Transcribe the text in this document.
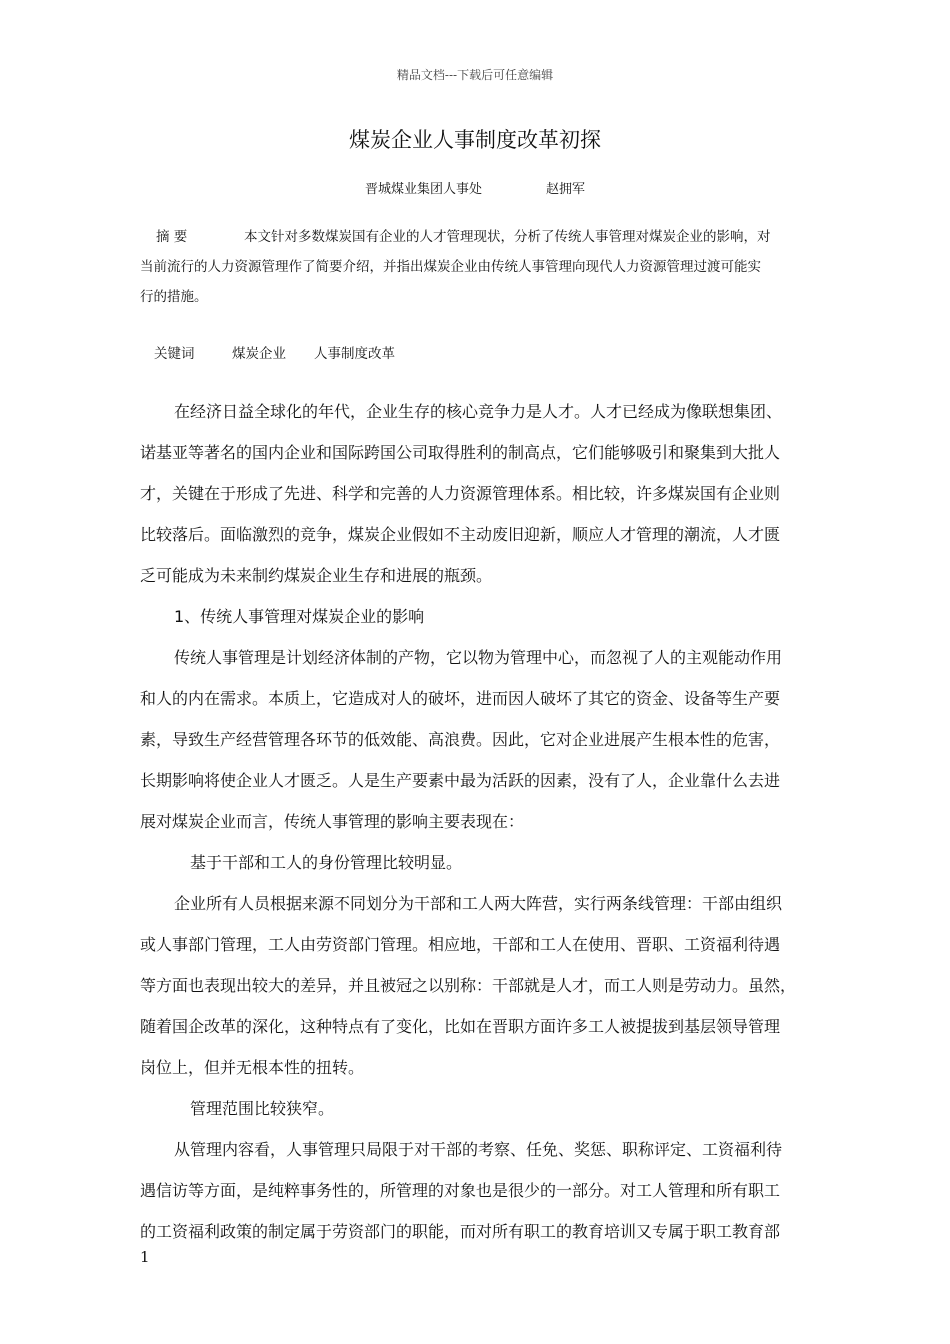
精品文档---下载后可任意编辑
煤炭企业人事制度改革初探
晋城煤业集团人事处	赵拥军
摘 要	本文针对多数煤炭国有企业的人才管理现状，分析了传统人事管理对煤炭企业的影响，对
当前流行的人力资源管理作了简要介绍，并指出煤炭企业由传统人事管理向现代人力资源管理过渡可能实
行的措施。
关键词	煤炭企业 人事制度改革
在经济日益全球化的年代，企业生存的核心竞争力是人才。人才已经成为像联想集团、
诺基亚等著名的国内企业和国际跨国公司取得胜利的制高点，它们能够吸引和聚集到大批人
才，关键在于形成了先进、科学和完善的人力资源管理体系。相比较，许多煤炭国有企业则
比较落后。面临激烈的竞争，煤炭企业假如不主动废旧迎新，顺应人才管理的潮流，人才匮
乏可能成为未来制约煤炭企业生存和进展的瓶颈。
1、传统人事管理对煤炭企业的影响
传统人事管理是计划经济体制的产物，它以物为管理中心，而忽视了人的主观能动作用
和人的内在需求。本质上，它造成对人的破坏，进而因人破坏了其它的资金、设备等生产要
素，导致生产经营管理各环节的低效能、高浪费。因此，它对企业进展产生根本性的危害，
长期影响将使企业人才匮乏。人是生产要素中最为活跃的因素，没有了人，企业靠什么去进
展对煤炭企业而言，传统人事管理的影响主要表现在：
基于干部和工人的身份管理比较明显。
企业所有人员根据来源不同划分为干部和工人两大阵营，实行两条线管理：干部由组织
或人事部门管理，工人由劳资部门管理。相应地，干部和工人在使用、晋职、工资福利待遇
等方面也表现出较大的差异，并且被冠之以别称：干部就是人才，而工人则是劳动力。虽然，
随着国企改革的深化，这种特点有了变化，比如在晋职方面许多工人被提拔到基层领导管理
岗位上，但并无根本性的扭转。
管理范围比较狭窄。
从管理内容看，人事管理只局限于对干部的考察、任免、奖惩、职称评定、工资福利待
遇信访等方面，是纯粹事务性的，所管理的对象也是很少的一部分。对工人管理和所有职工
的工资福利政策的制定属于劳资部门的职能，而对所有职工的教育培训又专属于职工教育部
1
